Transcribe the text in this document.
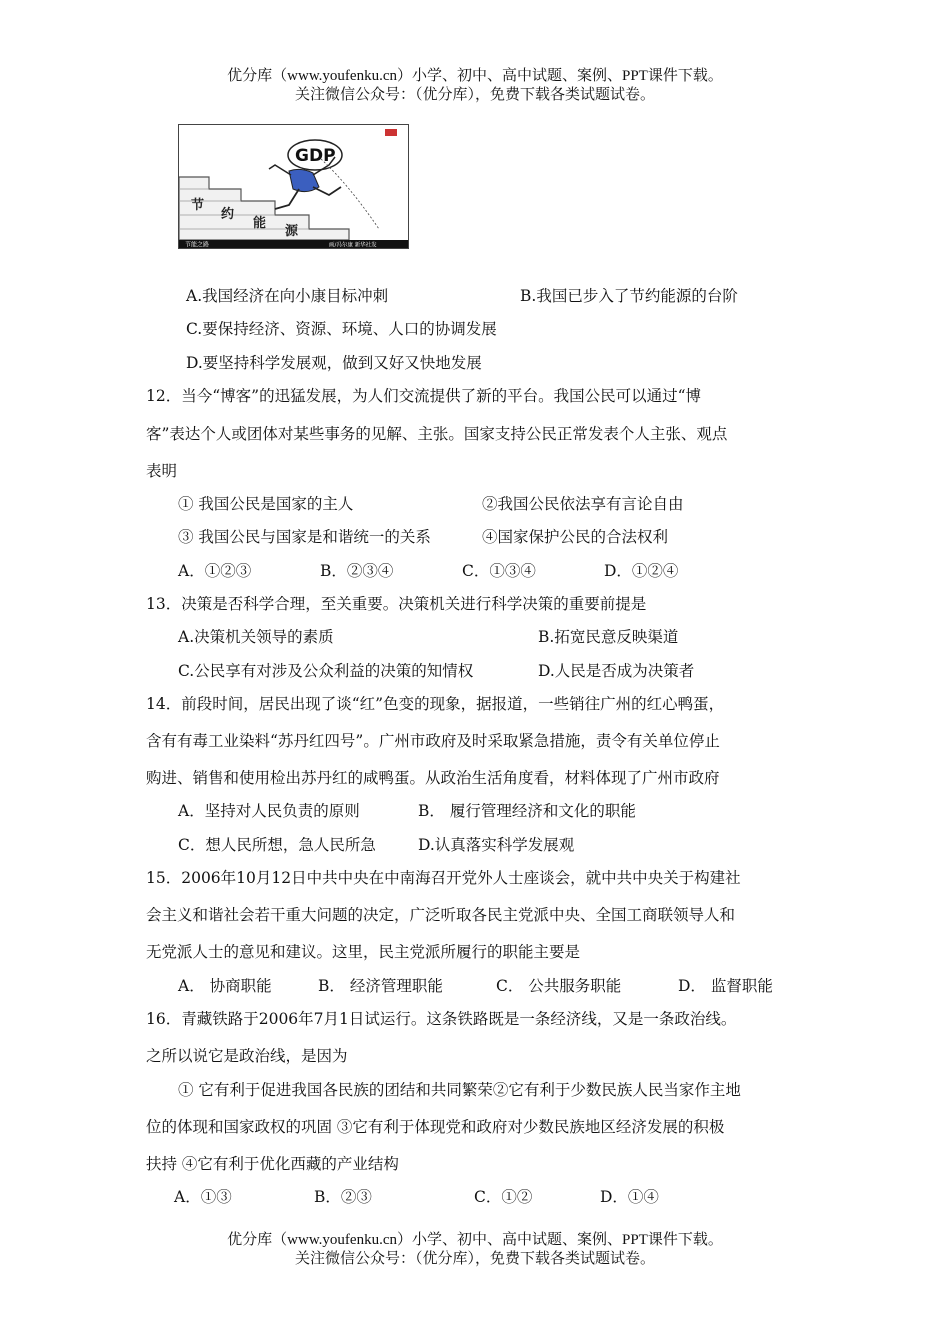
优分库（www.youfenku.cn）小学、初中、高中试题、案例、PPT课件下载。
关注微信公众号：（优分库），免费下载各类试题试卷。
节
约
能
源
GDP
节能之路	画/冯尔康 新华社发
A.我国经济在向小康目标冲刺	B.我国已步入了节约能源的台阶
C.要保持经济、资源、环境、人口的协调发展
D.要坚持科学发展观，做到又好又快地发展
12．当今“博客”的迅猛发展，为人们交流提供了新的平台。我国公民可以通过“博
客”表达个人或团体对某些事务的见解、主张。国家支持公民正常发表个人主张、观点
表明
① 我国公民是国家的主人	②我国公民依法享有言论自由
③ 我国公民与国家是和谐统一的关系	④国家保护公民的合法权利
A．①②③	B．②③④	C．①③④	D．①②④
13．决策是否科学合理，至关重要。决策机关进行科学决策的重要前提是
A.决策机关领导的素质	B.拓宽民意反映渠道
C.公民享有对涉及公众利益的决策的知情权	D.人民是否成为决策者
14．前段时间，居民出现了谈“红”色变的现象，据报道，一些销往广州的红心鸭蛋，
含有有毒工业染料“苏丹红四号”。广州市政府及时采取紧急措施，责令有关单位停止
购进、销售和使用检出苏丹红的咸鸭蛋。从政治生活角度看，材料体现了广州市政府
A．坚持对人民负责的原则	B． 履行管理经济和文化的职能
C．想人民所想，急人民所急	D.认真落实科学发展观
15．2006年10月12日中共中央在中南海召开党外人士座谈会，就中共中央关于构建社
会主义和谐社会若干重大问题的决定，广泛听取各民主党派中央、全国工商联领导人和
无党派人士的意见和建议。这里，民主党派所履行的职能主要是
A． 协商职能	B． 经济管理职能	C． 公共服务职能	D． 监督职能
16．青藏铁路于2006年7月1日试运行。这条铁路既是一条经济线，又是一条政治线。
之所以说它是政治线，是因为
① 它有利于促进我国各民族的团结和共同繁荣②它有利于少数民族人民当家作主地
位的体现和国家政权的巩固 ③它有利于体现党和政府对少数民族地区经济发展的积极
扶持 ④它有利于优化西藏的产业结构
A．①③	B．②③	C．①②	D．①④
优分库（www.youfenku.cn）小学、初中、高中试题、案例、PPT课件下载。
关注微信公众号：（优分库），免费下载各类试题试卷。
